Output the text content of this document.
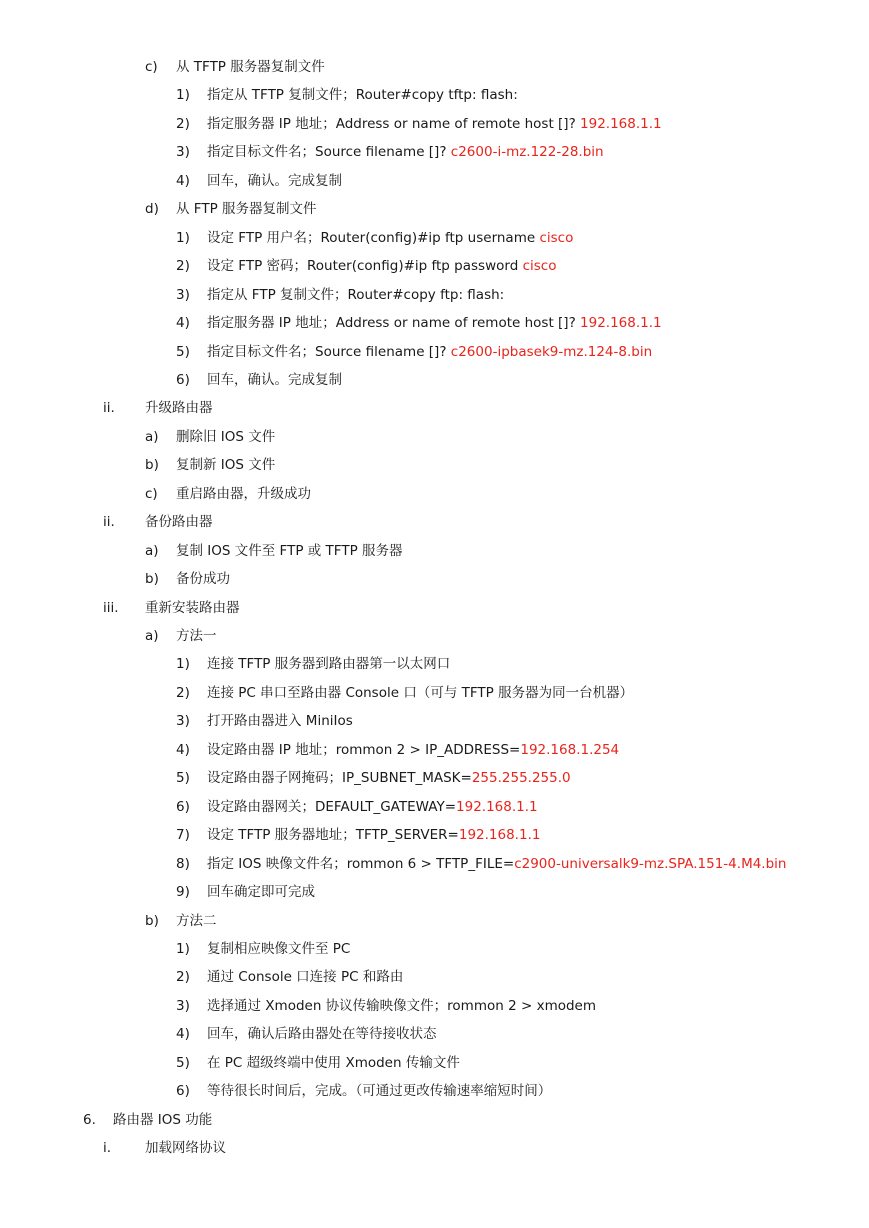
c) 从 TFTP 服务器复制文件
1) 指定从 TFTP 复制文件；Router#copy tftp: flash:
2) 指定服务器 IP 地址；Address or name of remote host []? 192.168.1.1
3) 指定目标文件名；Source filename []? c2600-i-mz.122-28.bin
4) 回车，确认。完成复制
d) 从 FTP 服务器复制文件
1) 设定 FTP 用户名；Router(config)#ip ftp username cisco
2) 设定 FTP 密码；Router(config)#ip ftp password cisco
3) 指定从 FTP 复制文件；Router#copy ftp: flash:
4) 指定服务器 IP 地址；Address or name of remote host []? 192.168.1.1
5) 指定目标文件名；Source filename []? c2600-ipbasek9-mz.124-8.bin
6) 回车，确认。完成复制
ii. 升级路由器
a) 删除旧 IOS 文件
b) 复制新 IOS 文件
c) 重启路由器，升级成功
ii. 备份路由器
a) 复制 IOS 文件至 FTP 或 TFTP 服务器
b) 备份成功
iii. 重新安装路由器
a) 方法一
1) 连接 TFTP 服务器到路由器第一以太网口
2) 连接 PC 串口至路由器 Console 口（可与 TFTP 服务器为同一台机器）
3) 打开路由器进入 MiniIos
4) 设定路由器 IP 地址；rommon 2 > IP_ADDRESS=192.168.1.254
5) 设定路由器子网掩码；IP_SUBNET_MASK=255.255.255.0
6) 设定路由器网关；DEFAULT_GATEWAY=192.168.1.1
7) 设定 TFTP 服务器地址；TFTP_SERVER=192.168.1.1
8) 指定 IOS 映像文件名；rommon 6 > TFTP_FILE=c2900-universalk9-mz.SPA.151-4.M4.bin
9) 回车确定即可完成
b) 方法二
1) 复制相应映像文件至 PC
2) 通过 Console 口连接 PC 和路由
3) 选择通过 Xmoden 协议传输映像文件；rommon 2 > xmodem
4) 回车，确认后路由器处在等待接收状态
5) 在 PC 超级终端中使用 Xmoden 传输文件
6) 等待很长时间后，完成。（可通过更改传输速率缩短时间）
6. 路由器 IOS 功能
i.	加载网络协议
